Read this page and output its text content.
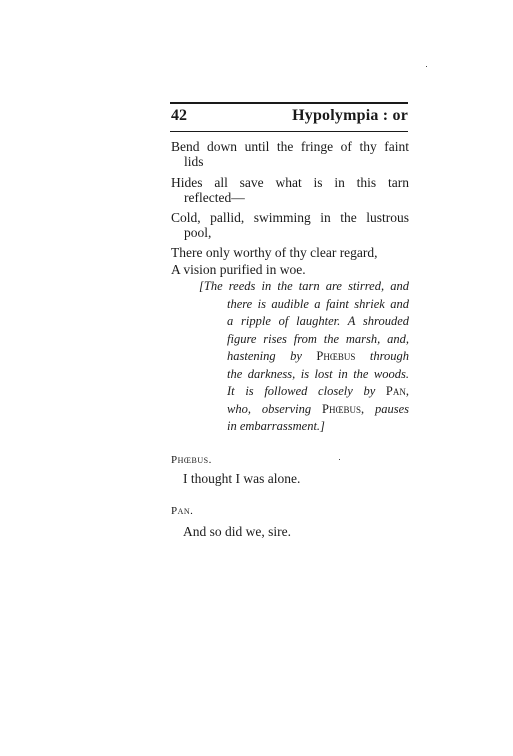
42	Hypolympia : or
Bend down until the fringe of thy faint
lids
Hides all save what is in this tarn
reflected—
Cold, pallid, swimming in the lustrous
pool,
There only worthy of thy clear regard,
A vision purified in woe.
[The reeds in the tarn are stirred, and
there is audible a faint shriek and
a ripple of laughter. A shrouded
figure rises from the marsh, and,
hastening by Phœbus through
the darkness, is lost in the woods.
It is followed closely by Pan,
who, observing Phœbus, pauses
in embarrassment.]
Phœbus.
I thought I was alone.
Pan.
And so did we, sire.
